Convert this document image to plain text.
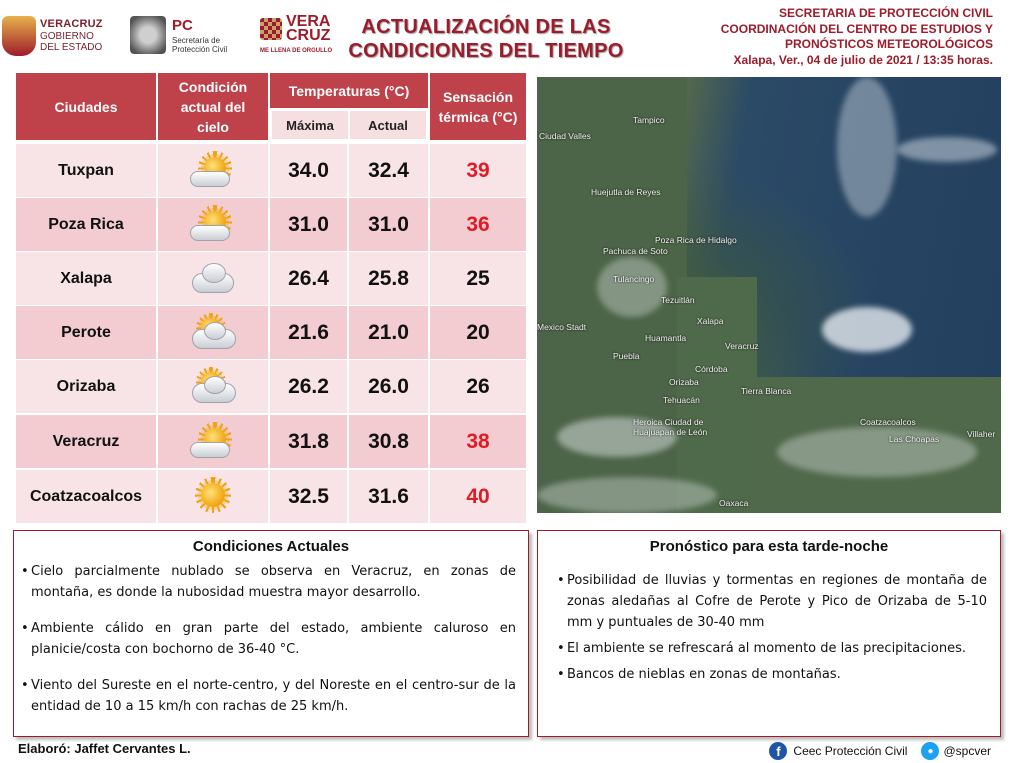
VERACRUZ
GOBIERNO
DEL ESTADO
PC
Secretaría de
Protección Civil
VERA
CRUZ
ME LLENA DE ORGULLO
ACTUALIZACIÓN DE LAS
CONDICIONES DEL TIEMPO
SECRETARIA DE PROTECCIÓN CIVIL
COORDINACIÓN DEL CENTRO DE ESTUDIOS Y
PRONÓSTICOS METEOROLÓGICOS
Xalapa, Ver., 04 de julio de 2021 / 13:35 horas.
Ciudades
Condición actual del cielo
Temperaturas (°C)
Máxima	Actual
Sensación térmica (°C)
Tuxpan	34.0	32.4	39
Poza Rica	31.0	31.0	36
Xalapa	26.4	25.8	25
Perote	21.6	21.0	20
Orizaba	26.2	26.0	26
Veracruz	31.8	30.8	38
Coatzacoalcos	32.5	31.6	40
Tampico
Ciudad Valles
Huejutla de Reyes
Poza Rica de Hidalgo
Pachuca de Soto
Tulancingo
Tezuitlán
Xalapa
Veracruz
Mexico Stadt
Huamantla
Puebla
Córdoba
Orizaba
Tehuacán
Tierra Blanca
Coatzacoalcos
Las Choapas	Villaher
Heroica Ciudad de Huajuapan de León
Oaxaca
Condiciones Actuales
• Cielo parcialmente nublado se observa en Veracruz, en zonas de montaña, es donde la nubosidad muestra mayor desarrollo.
• Ambiente cálido en gran parte del estado, ambiente caluroso en planicie/costa con bochorno de 36-40 °C.
• Viento del Sureste en el norte-centro, y del Noreste en el centro-sur de la entidad de 10 a 15 km/h con rachas de 25 km/h.
Pronóstico para esta tarde-noche
• Posibilidad de lluvias y tormentas en regiones de montaña de zonas aledañas al Cofre de Perote y Pico de Orizaba de 5-10 mm y puntuales de 30-40 mm
• El ambiente se refrescará al momento de las precipitaciones.
• Bancos de nieblas en zonas de montañas.
Elaboró: Jaffet Cervantes L.	f	Ceec Protección Civil	● @spcver
